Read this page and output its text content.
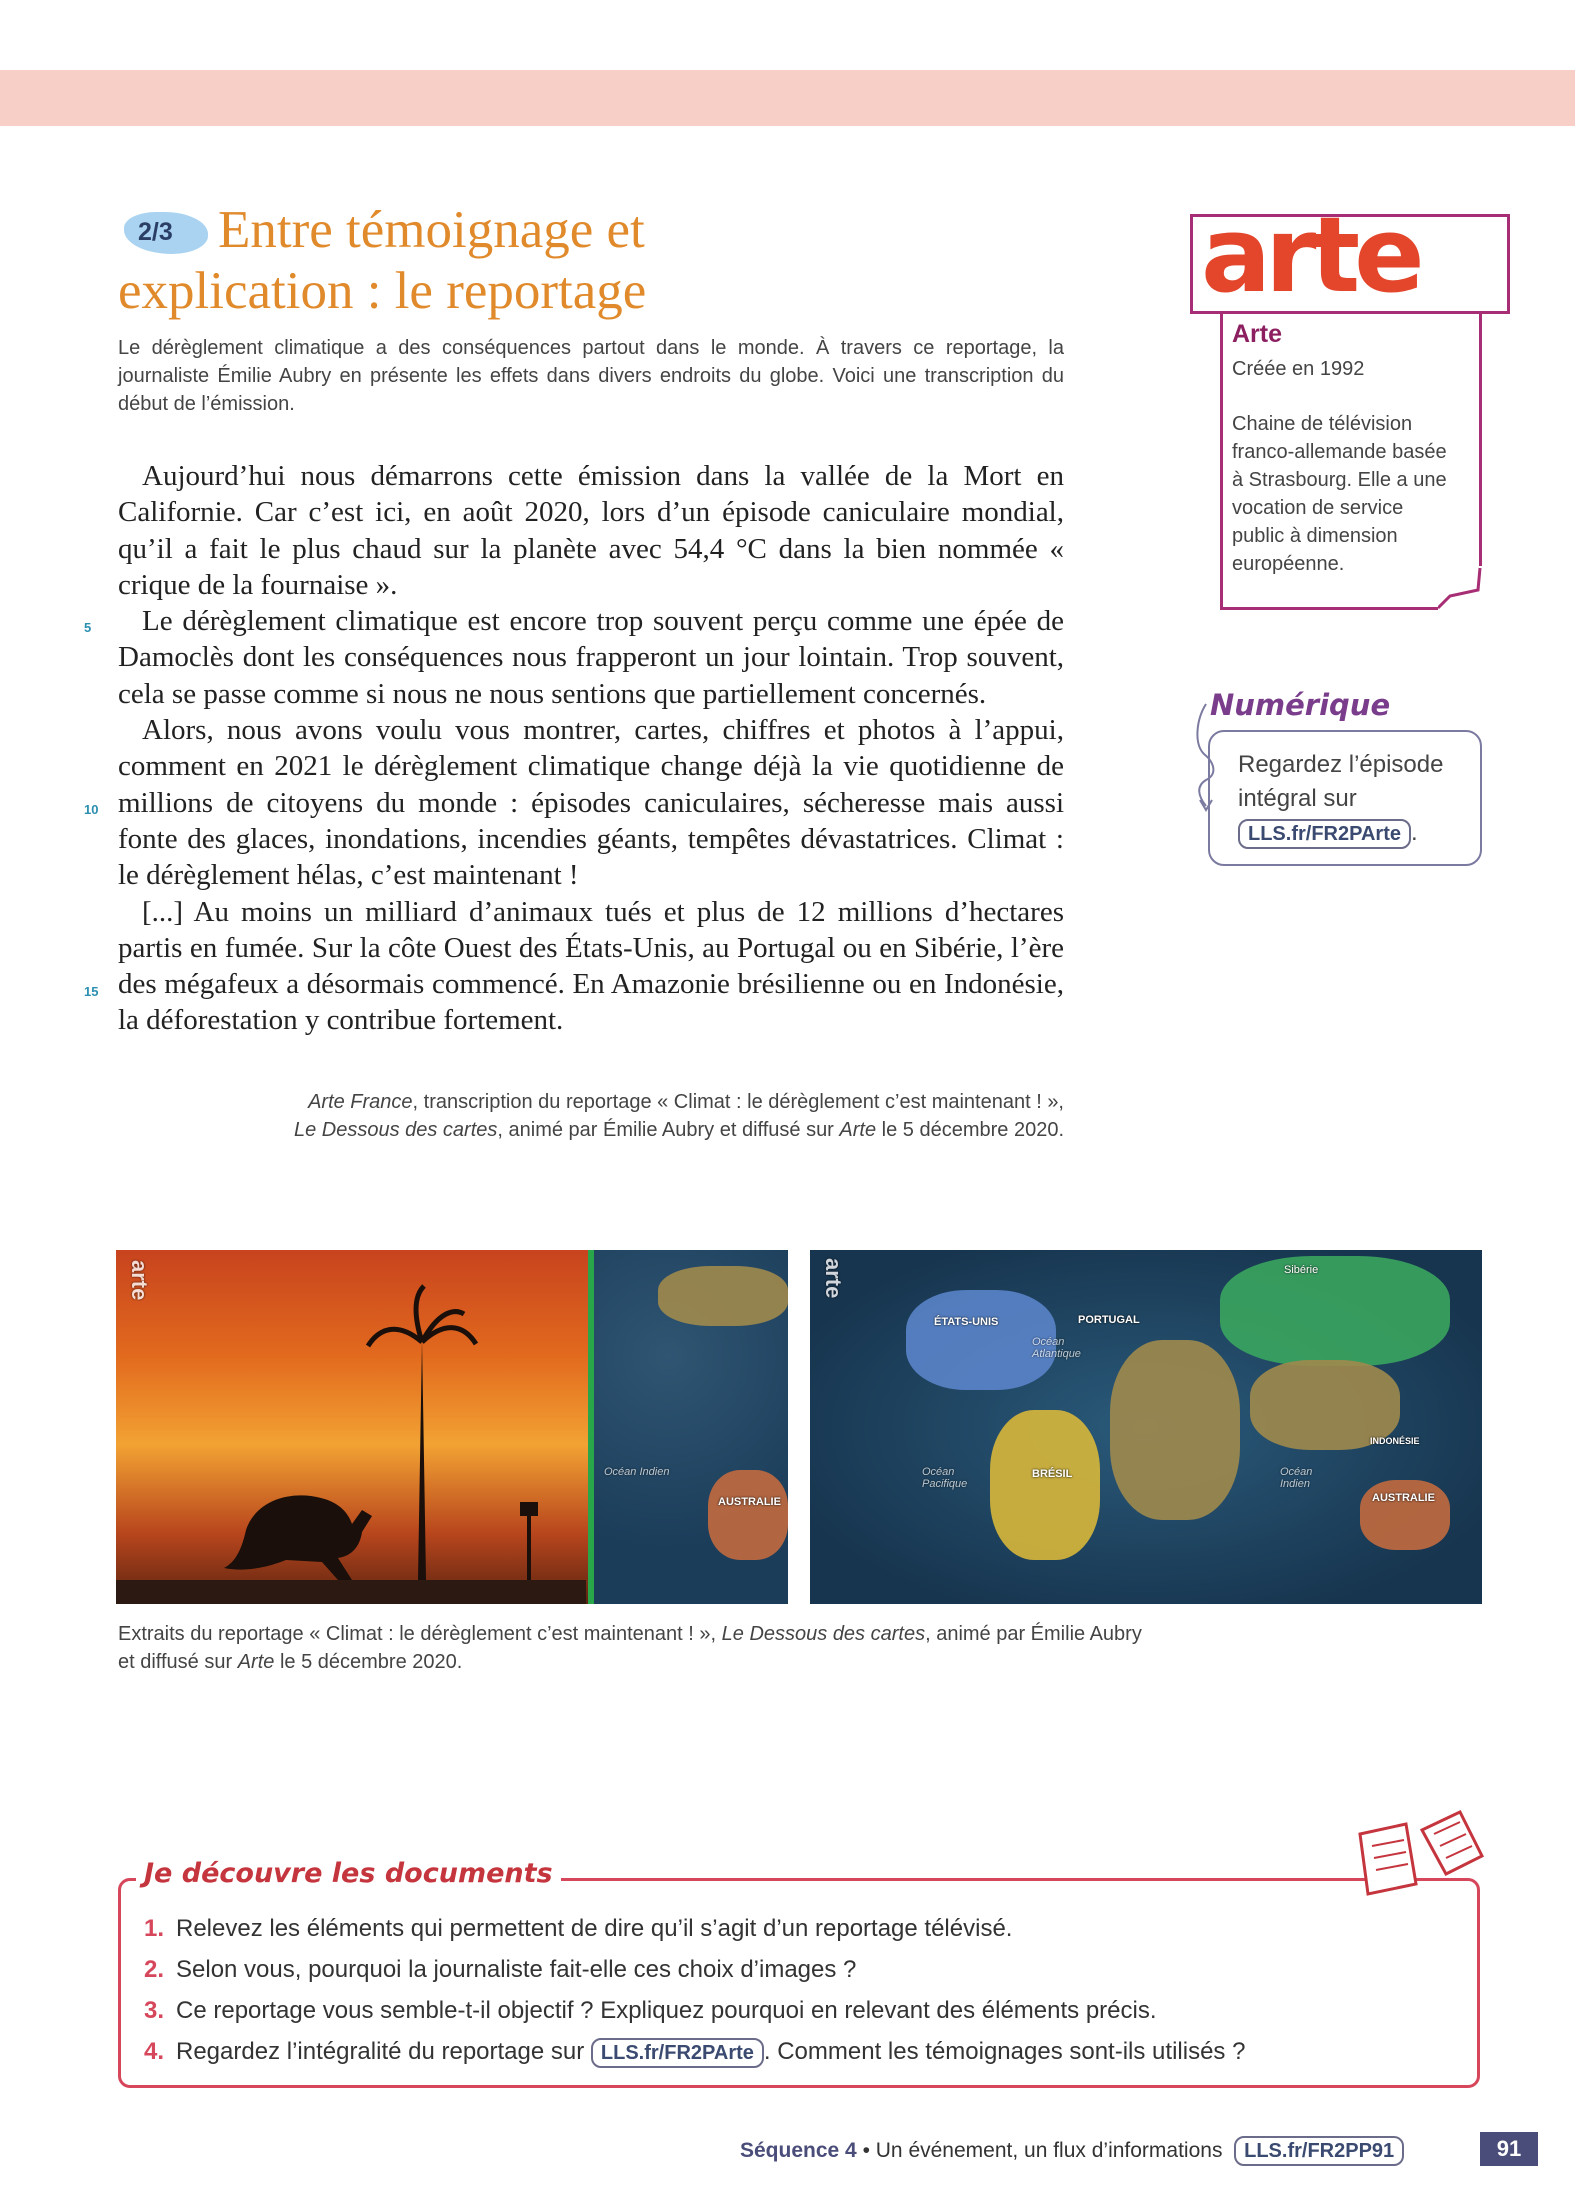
2/3 Entre témoignage et
explication : le reportage

Le dérèglement climatique a des conséquences partout dans le monde. À travers ce reportage, la journaliste Émilie Aubry en présente les effets dans divers endroits du globe. Voici une transcription du début de l’émission.

Aujourd’hui nous démarrons cette émission dans la vallée de la Mort en Californie. Car c’est ici, en août 2020, lors d’un épisode caniculaire mondial, qu’il a fait le plus chaud sur la planète avec 54,4 °C dans la bien nommée « crique de la fournaise ».

Le dérèglement climatique est encore trop souvent perçu comme une épée de Damoclès dont les conséquences nous frapperont un jour lointain. Trop souvent, cela se passe comme si nous ne nous sentions que partiellement concernés.

Alors, nous avons voulu vous montrer, cartes, chiffres et photos à l’appui, comment en 2021 le dérèglement climatique change déjà la vie quotidienne de millions de citoyens du monde : épisodes caniculaires, sécheresse mais aussi fonte des glaces, inondations, incendies géants, tempêtes dévastatrices. Climat : le dérèglement hélas, c’est maintenant !

[...] Au moins un milliard d’animaux tués et plus de 12 millions d’hectares partis en fumée. Sur la côte Ouest des États-Unis, au Portugal ou en Sibérie, l’ère des mégafeux a désormais commencé. En Amazonie brésilienne ou en Indonésie, la déforestation y contribue fortement.

5
10
15

Arte France, transcription du reportage « Climat : le dérèglement c’est maintenant ! »,
Le Dessous des cartes, animé par Émilie Aubry et diffusé sur Arte le 5 décembre 2020.

arte
Arte
Créée en 1992

Chaine de télévision franco-allemande basée à Strasbourg. Elle a une vocation de service public à dimension européenne.

Numérique

Regardez l’épisode intégral sur LLS.fr/FR2PArte .

arte
Océan Indien
AUSTRALIE
arte	Sibérie
ÉTATS-UNIS	PORTUGAL
Océan Atlantique
Océan Pacifique
BRÉSIL	Océan Indien
INDONÉSIE
AUSTRALIE

Extraits du reportage « Climat : le dérèglement c’est maintenant ! », Le Dessous des cartes, animé par Émilie Aubry
et diffusé sur Arte le 5 décembre 2020.

Je découvre les documents
1. Relevez les éléments qui permettent de dire qu’il s’agit d’un reportage télévisé.
2. Selon vous, pourquoi la journaliste fait-elle ces choix d’images ?
3. Ce reportage vous semble-t-il objectif ? Expliquez pourquoi en relevant des éléments précis.
4. Regardez l’intégralité du reportage sur LLS.fr/FR2PArte . Comment les témoignages sont-ils utilisés ?
Séquence 4 • Un événement, un flux d’informations LLS.fr/FR2PP91	91
